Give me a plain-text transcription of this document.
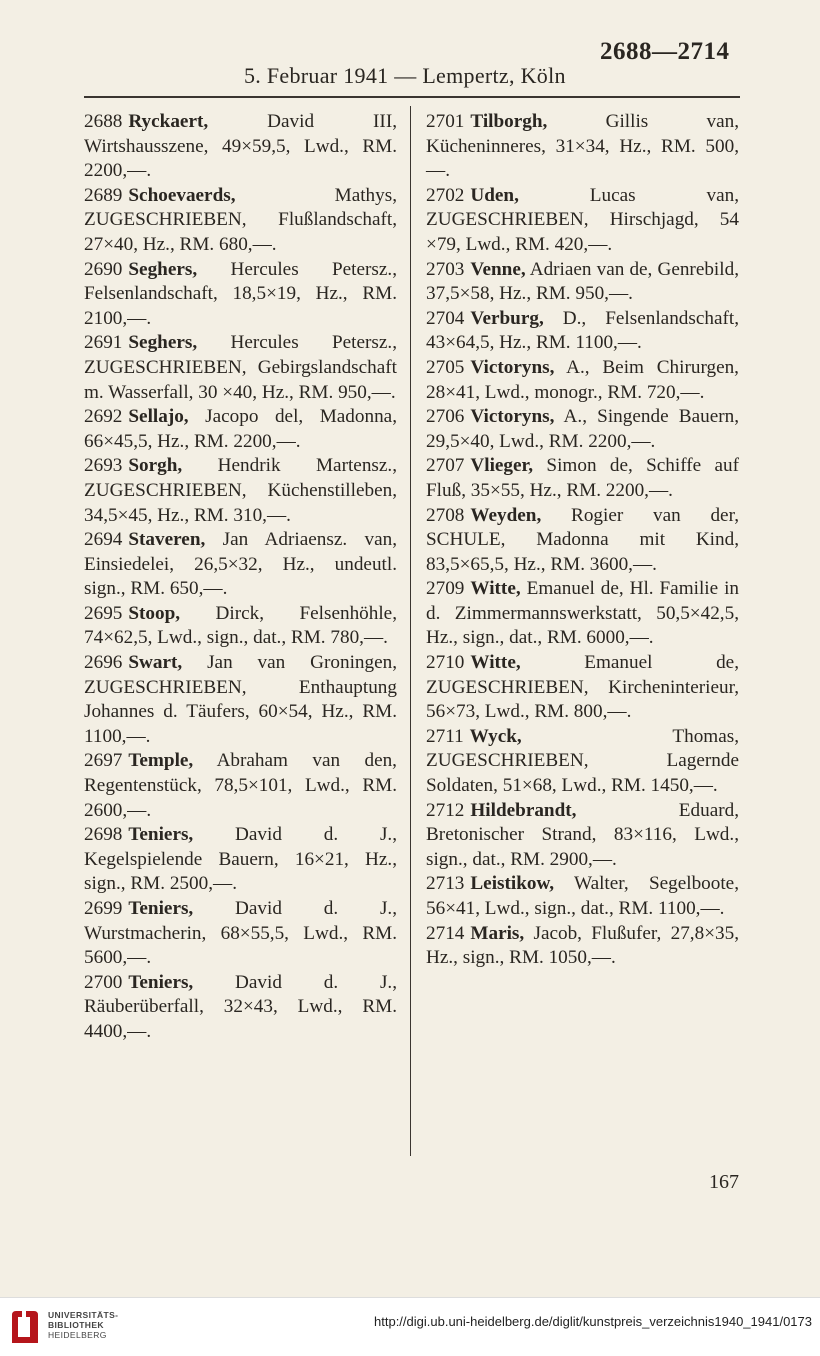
2688—2714
5. Februar 1941 — Lempertz, Köln
2688 Ryckaert,	David III, Wirtshausszene, 49×59,5, Lwd., RM. 2200,—.
2689 Schoevaerds,	Mathys, ZUGESCHRIEBEN, Flußlandschaft, 27×40, Hz., RM. 680,—.
2690 Seghers, Hercules Petersz., Felsenlandschaft, 18,5×19, Hz., RM. 2100,—.
2691 Seghers, Hercules Petersz., ZUGESCHRIEBEN, Gebirgslandschaft m. Wasserfall, 30 ×40, Hz., RM. 950,—.
2692 Sellajo, Jacopo del, Madonna, 66×45,5, Hz., RM. 2200,—.
2693 Sorgh, Hendrik Martensz., ZUGESCHRIEBEN, Küchenstilleben, 34,5×45, Hz., RM. 310,—.
2694 Staveren, Jan Adriaensz. van, Einsiedelei, 26,5×32, Hz., undeutl. sign., RM. 650,—.
2695 Stoop, Dirck, Felsenhöhle, 74×62,5, Lwd., sign., dat., RM. 780,—.
2696 Swart, Jan van Groningen, ZUGESCHRIEBEN, Enthauptung Johannes d. Täufers, 60×54, Hz., RM. 1100,—.
2697 Temple, Abraham van den, Regentenstück, 78,5×101, Lwd., RM. 2600,—.
2698 Teniers, David d. J., Kegelspielende Bauern, 16×21, Hz., sign., RM. 2500,—.
2699 Teniers, David d. J., Wurstmacherin, 68×55,5, Lwd., RM. 5600,—.
2700 Teniers, David d. J., Räuberüberfall, 32×43, Lwd., RM. 4400,—.
2701 Tilborgh,	Gillis van, Kücheninneres, 31×34, Hz., RM. 500,—.
2702 Uden,	Lucas van, ZUGESCHRIEBEN, Hirschjagd, 54 ×79, Lwd., RM. 420,—.
2703 Venne, Adriaen van de, Genrebild, 37,5×58, Hz., RM. 950,—.
2704 Verburg, D., Felsenlandschaft, 43×64,5, Hz., RM. 1100,—.
2705 Victoryns, A., Beim Chirurgen, 28×41, Lwd., monogr., RM. 720,—.
2706 Victoryns, A., Singende Bauern, 29,5×40, Lwd., RM. 2200,—.
2707 Vlieger, Simon de, Schiffe auf Fluß, 35×55, Hz., RM. 2200,—.
2708 Weyden, Rogier van der, SCHULE, Madonna mit Kind, 83,5×65,5, Hz., RM. 3600,—.
2709 Witte, Emanuel de, Hl. Familie in d. Zimmermannswerkstatt, 50,5×42,5, Hz., sign., dat., RM. 6000,—.
2710 Witte,	Emanuel de, ZUGESCHRIEBEN, Kircheninterieur, 56×73, Lwd., RM. 800,—.
2711 Wyck,	Thomas, ZUGESCHRIEBEN, Lagernde Soldaten, 51×68, Lwd., RM. 1450,—.
2712 Hildebrandt,	Eduard, Bretonischer Strand, 83×116, Lwd., sign., dat., RM. 2900,—.
2713 Leistikow, Walter, Segelboote, 56×41, Lwd., sign., dat., RM. 1100,—.
2714 Maris, Jacob, Flußufer, 27,8×35, Hz., sign., RM. 1050,—.
167
UNIVERSITÄTS-
BIBLIOTHEK
HEIDELBERG
http://digi.ub.uni-heidelberg.de/diglit/kunstpreis_verzeichnis1940_1941/0173
